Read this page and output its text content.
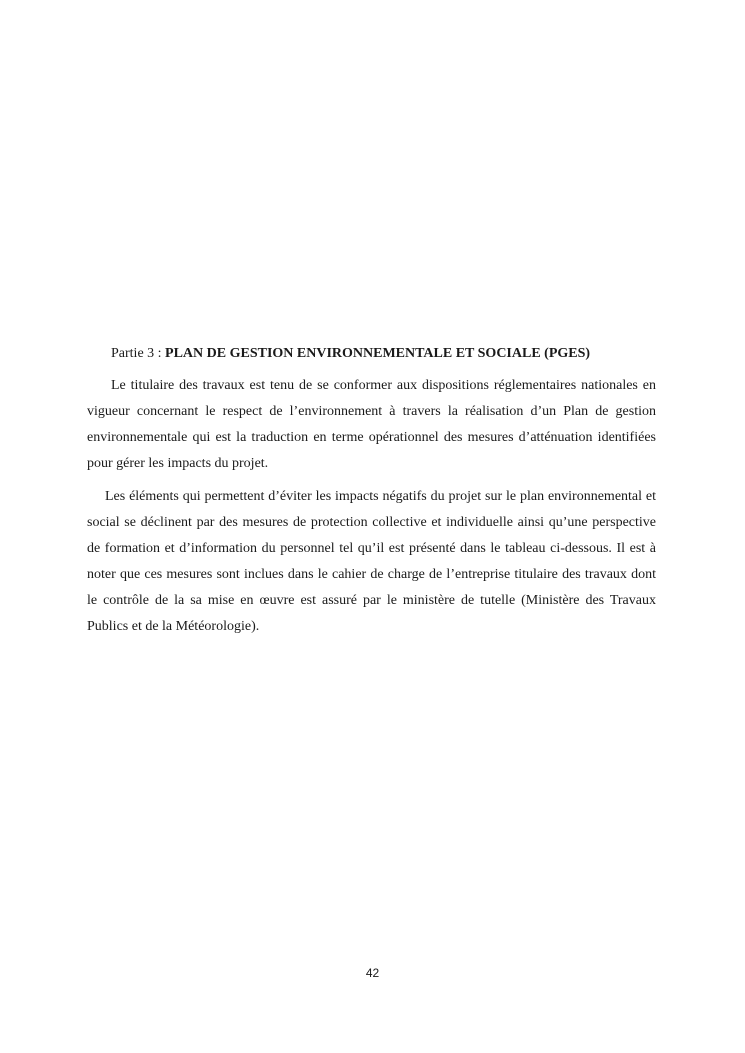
Partie 3 : PLAN DE GESTION ENVIRONNEMENTALE ET SOCIALE (PGES)

Le titulaire des travaux est tenu de se conformer aux dispositions réglementaires nationales en vigueur concernant le respect de l’environnement à travers la réalisation d’un Plan de gestion environnementale qui est la traduction en terme opérationnel des mesures d’atténuation identifiées pour gérer les impacts du projet.

Les éléments qui permettent d’éviter les impacts négatifs du projet sur le plan environnemental et social se déclinent par des mesures de protection collective et individuelle ainsi qu’une perspective de formation et d’information du personnel tel qu’il est présenté dans le tableau ci-dessous. Il est à noter que ces mesures sont inclues dans le cahier de charge de l’entreprise titulaire des travaux dont le contrôle de la sa mise en œuvre est assuré par le ministère de tutelle (Ministère des Travaux Publics et de la Météorologie).

42
